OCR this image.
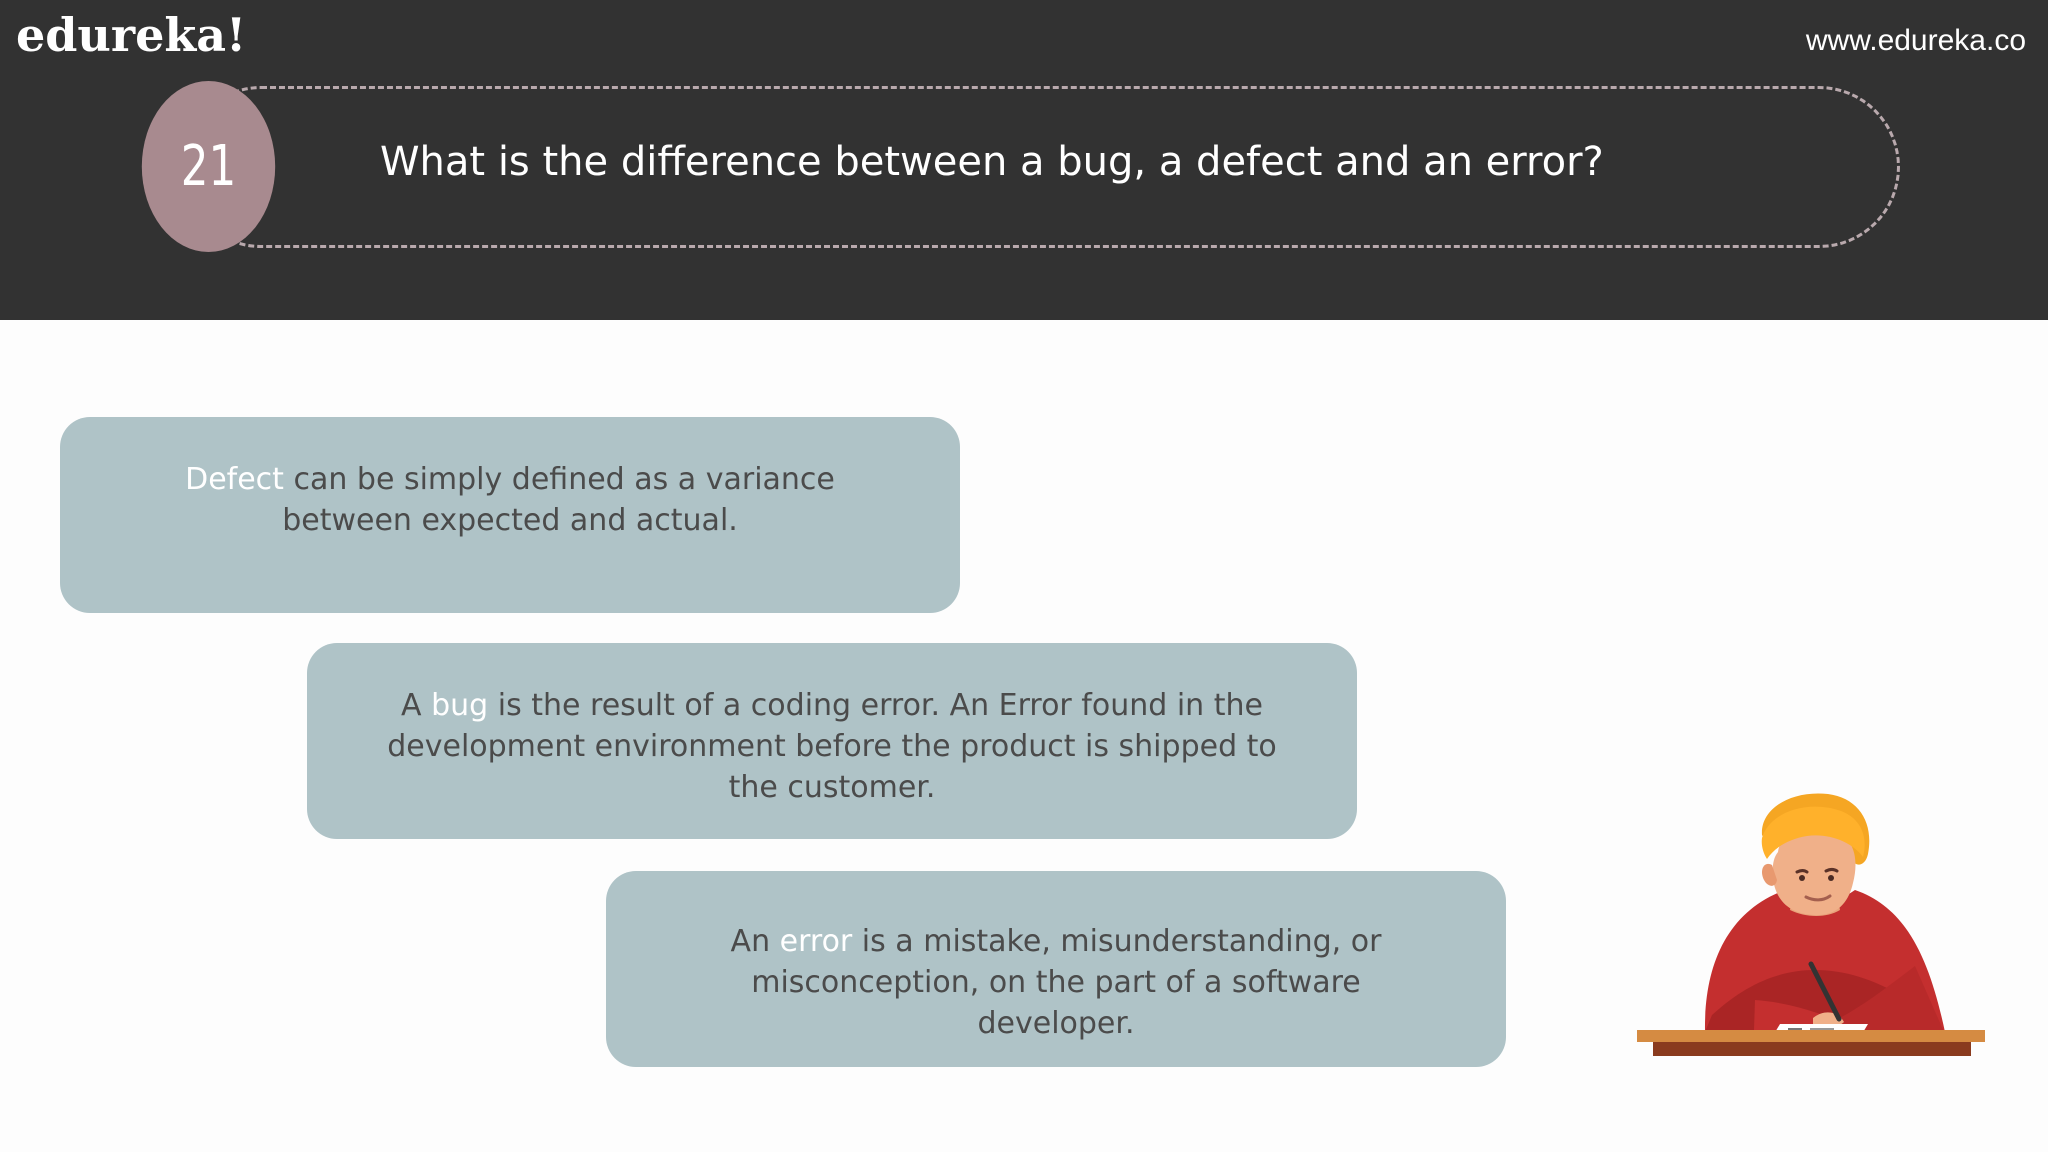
edureka!	www.edureka.co
21	What is the difference between a bug, a defect and an error?
Defect can be simply defined as a variance between expected and actual.
A bug is the result of a coding error. An Error found in the development environment before the product is shipped to the customer.
An error is a mistake, misunderstanding, or misconception, on the part of a software developer.
